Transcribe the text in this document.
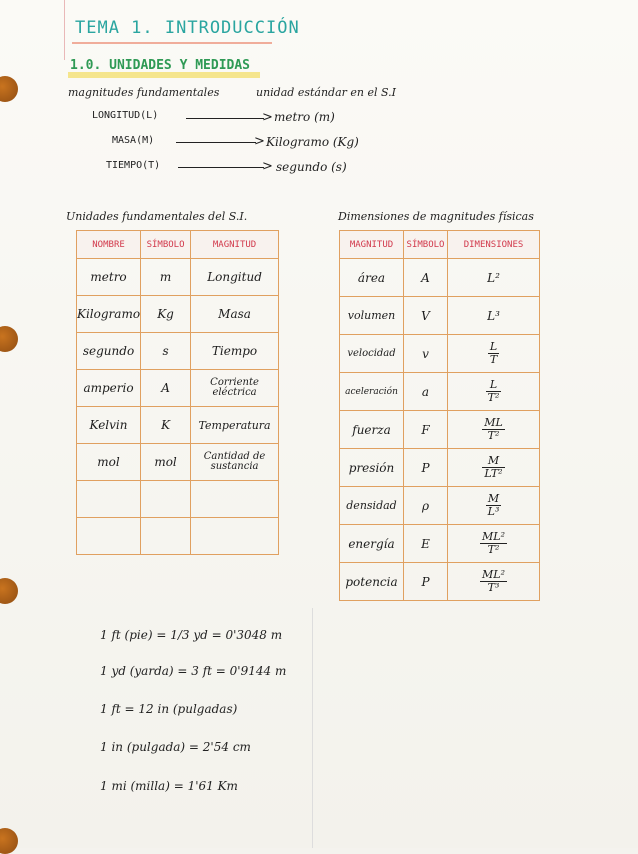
TEMA 1. INTRODUCCIÓN
1.0. UNIDADES Y MEDIDAS
magnitudes fundamentales	unidad estándar en el S.I
LONGITUD(L)	> metro (m)
MASA(M)	> Kilogramo (Kg)
TIEMPO(T)	> segundo (s)
Unidades fundamentales del S.I.	Dimensiones de magnitudes físicas
NOMBRE	SÍMBOLO	MAGNITUD
metro	m	Longitud
Kilogramo	Kg	Masa
segundo	s	Tiempo
amperio	A	Corriente eléctrica
Kelvin	K	Temperatura
mol	mol	Cantidad de sustancia

MAGNITUD	SÍMBOLO	DIMENSIONES
área	A	L²
volumen	V	L³
velocidad	v	$\frac{L}{T}$

aceleración	a	$\frac{L}{\text{T²}}$

fuerza	F	$\frac{ML}{\text{T²}}$

presión	P	$\frac{M}{\text{LT²}}$

densidad	ρ	$\frac{M}{\text{L³}}$

energía	E	$\frac{\text{ML²}}{\text{T²}}$

potencia	P	$\frac{\text{ML²}}{\text{T³}}$
1 ft (pie) = 1/3 yd = 0'3048 m
1 yd (yarda) = 3 ft = 0'9144 m
1 ft = 12 in (pulgadas)
1 in (pulgada) = 2'54 cm
1 mi (milla) = 1'61 Km
